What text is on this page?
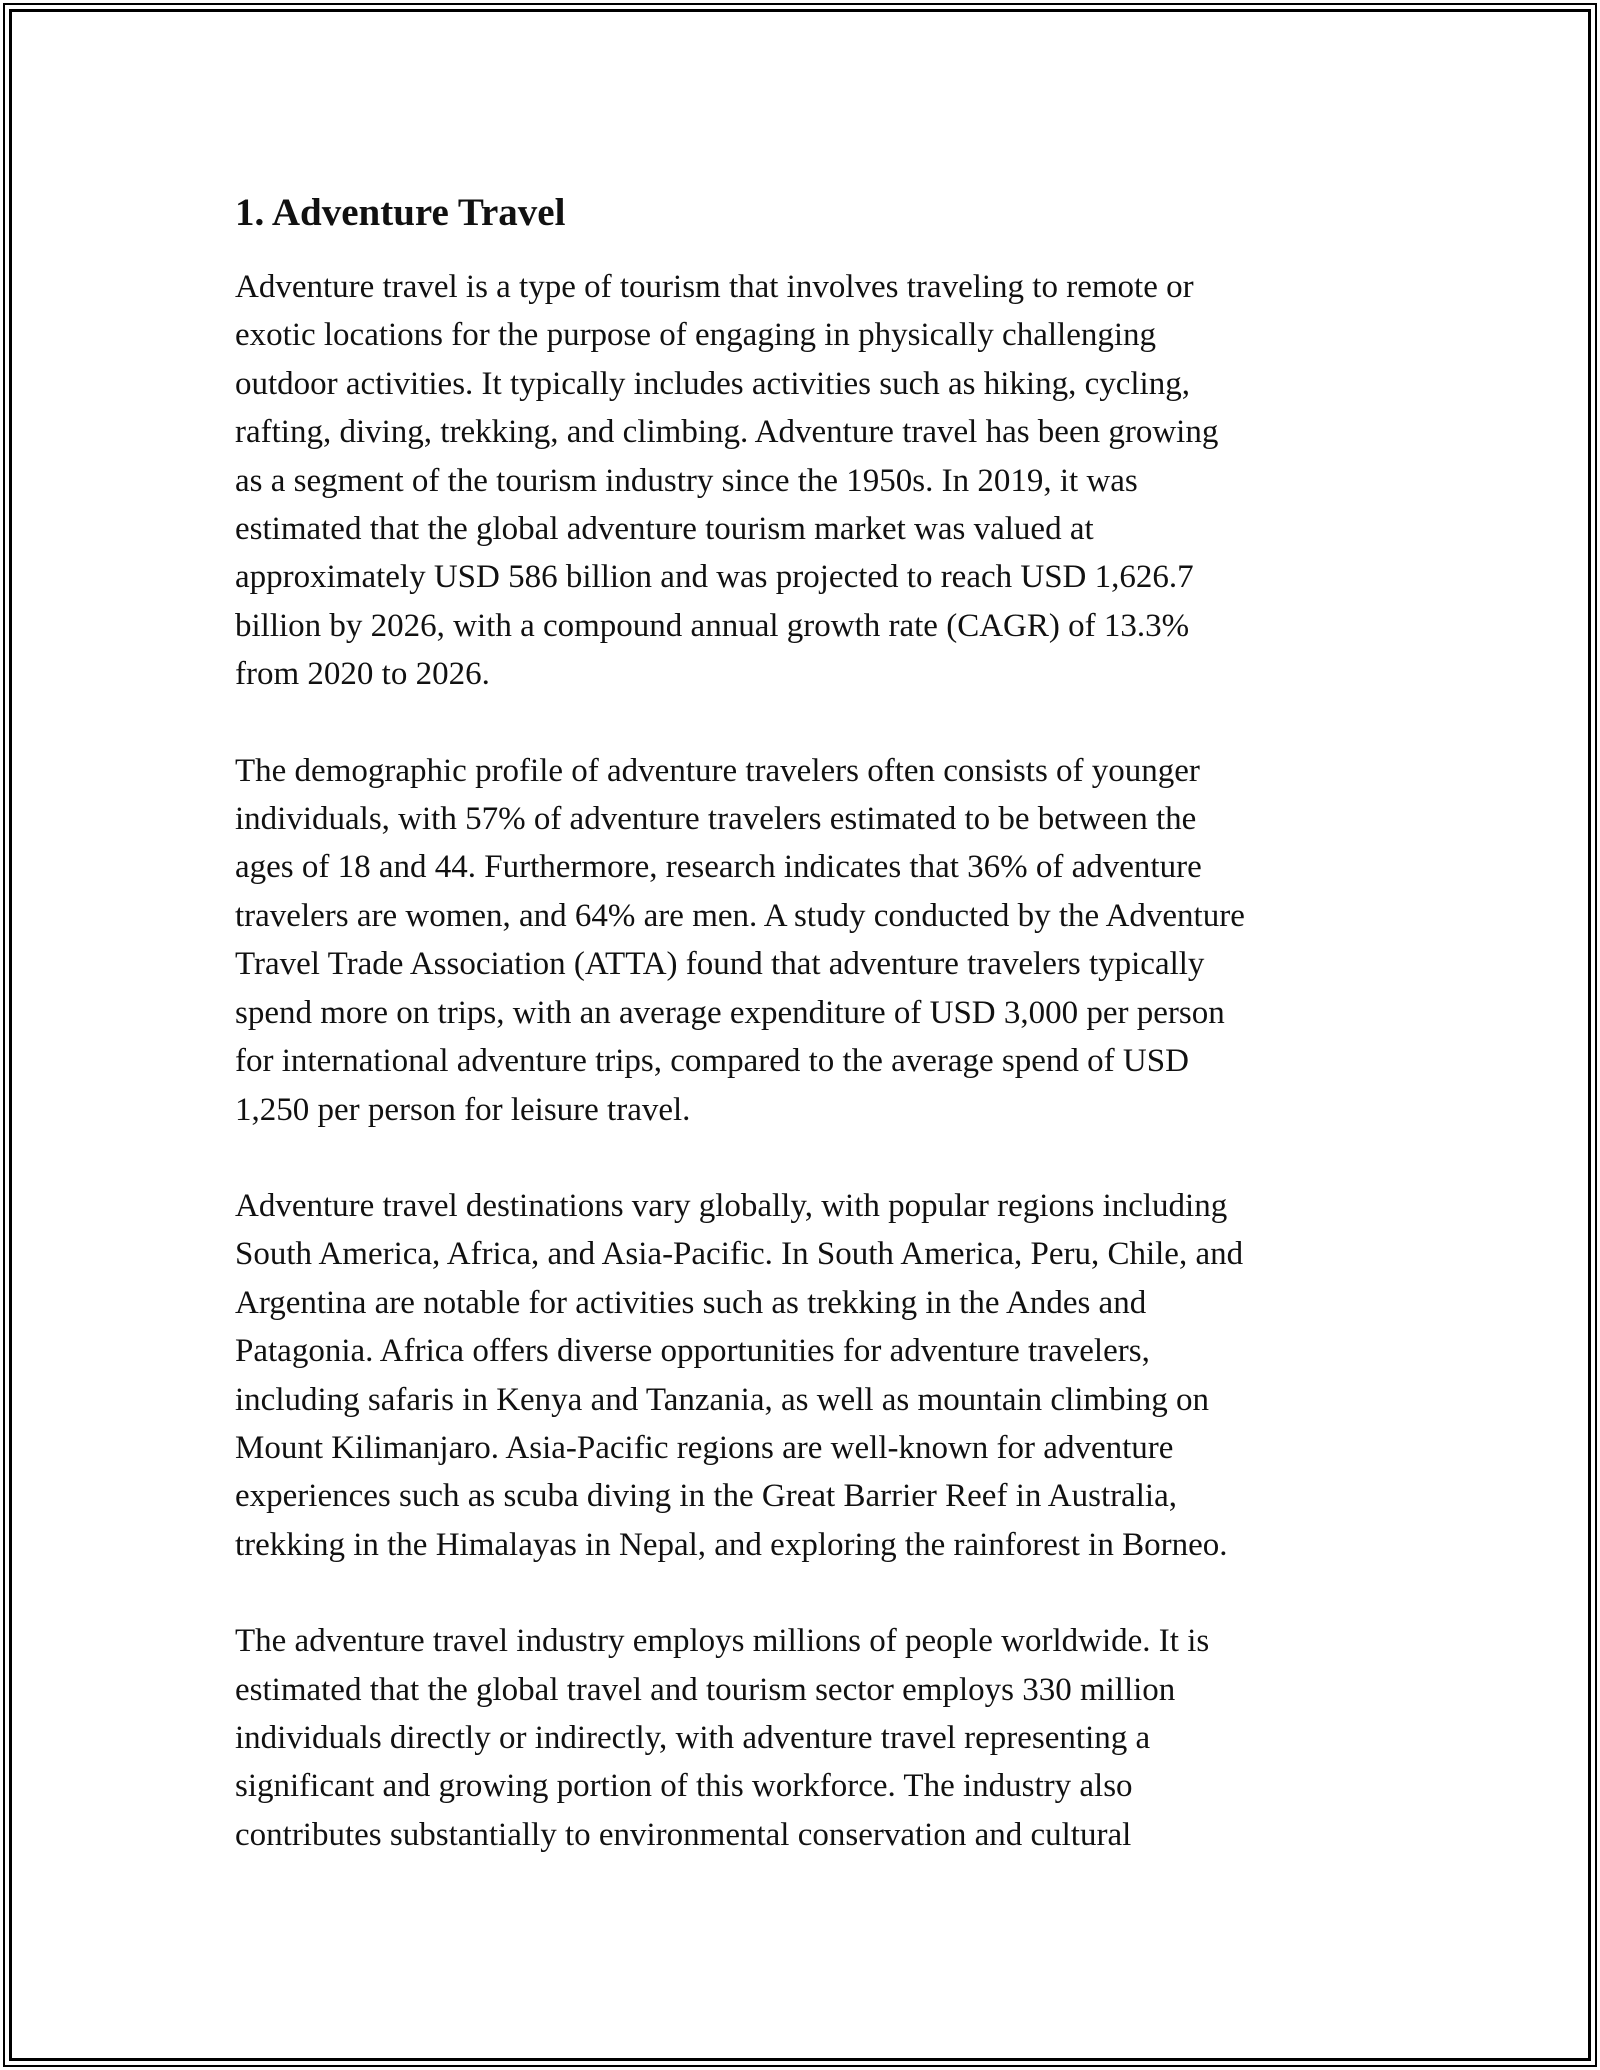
1. Adventure Travel

Adventure travel is a type of tourism that involves traveling to remote or
exotic locations for the purpose of engaging in physically challenging
outdoor activities. It typically includes activities such as hiking, cycling,
rafting, diving, trekking, and climbing. Adventure travel has been growing
as a segment of the tourism industry since the 1950s. In 2019, it was
estimated that the global adventure tourism market was valued at
approximately USD 586 billion and was projected to reach USD 1,626.7
billion by 2026, with a compound annual growth rate (CAGR) of 13.3%
from 2020 to 2026.

The demographic profile of adventure travelers often consists of younger
individuals, with 57% of adventure travelers estimated to be between the
ages of 18 and 44. Furthermore, research indicates that 36% of adventure
travelers are women, and 64% are men. A study conducted by the Adventure
Travel Trade Association (ATTA) found that adventure travelers typically
spend more on trips, with an average expenditure of USD 3,000 per person
for international adventure trips, compared to the average spend of USD
1,250 per person for leisure travel.

Adventure travel destinations vary globally, with popular regions including
South America, Africa, and Asia-Pacific. In South America, Peru, Chile, and
Argentina are notable for activities such as trekking in the Andes and
Patagonia. Africa offers diverse opportunities for adventure travelers,
including safaris in Kenya and Tanzania, as well as mountain climbing on
Mount Kilimanjaro. Asia-Pacific regions are well-known for adventure
experiences such as scuba diving in the Great Barrier Reef in Australia,
trekking in the Himalayas in Nepal, and exploring the rainforest in Borneo.

The adventure travel industry employs millions of people worldwide. It is
estimated that the global travel and tourism sector employs 330 million
individuals directly or indirectly, with adventure travel representing a
significant and growing portion of this workforce. The industry also
contributes substantially to environmental conservation and cultural
